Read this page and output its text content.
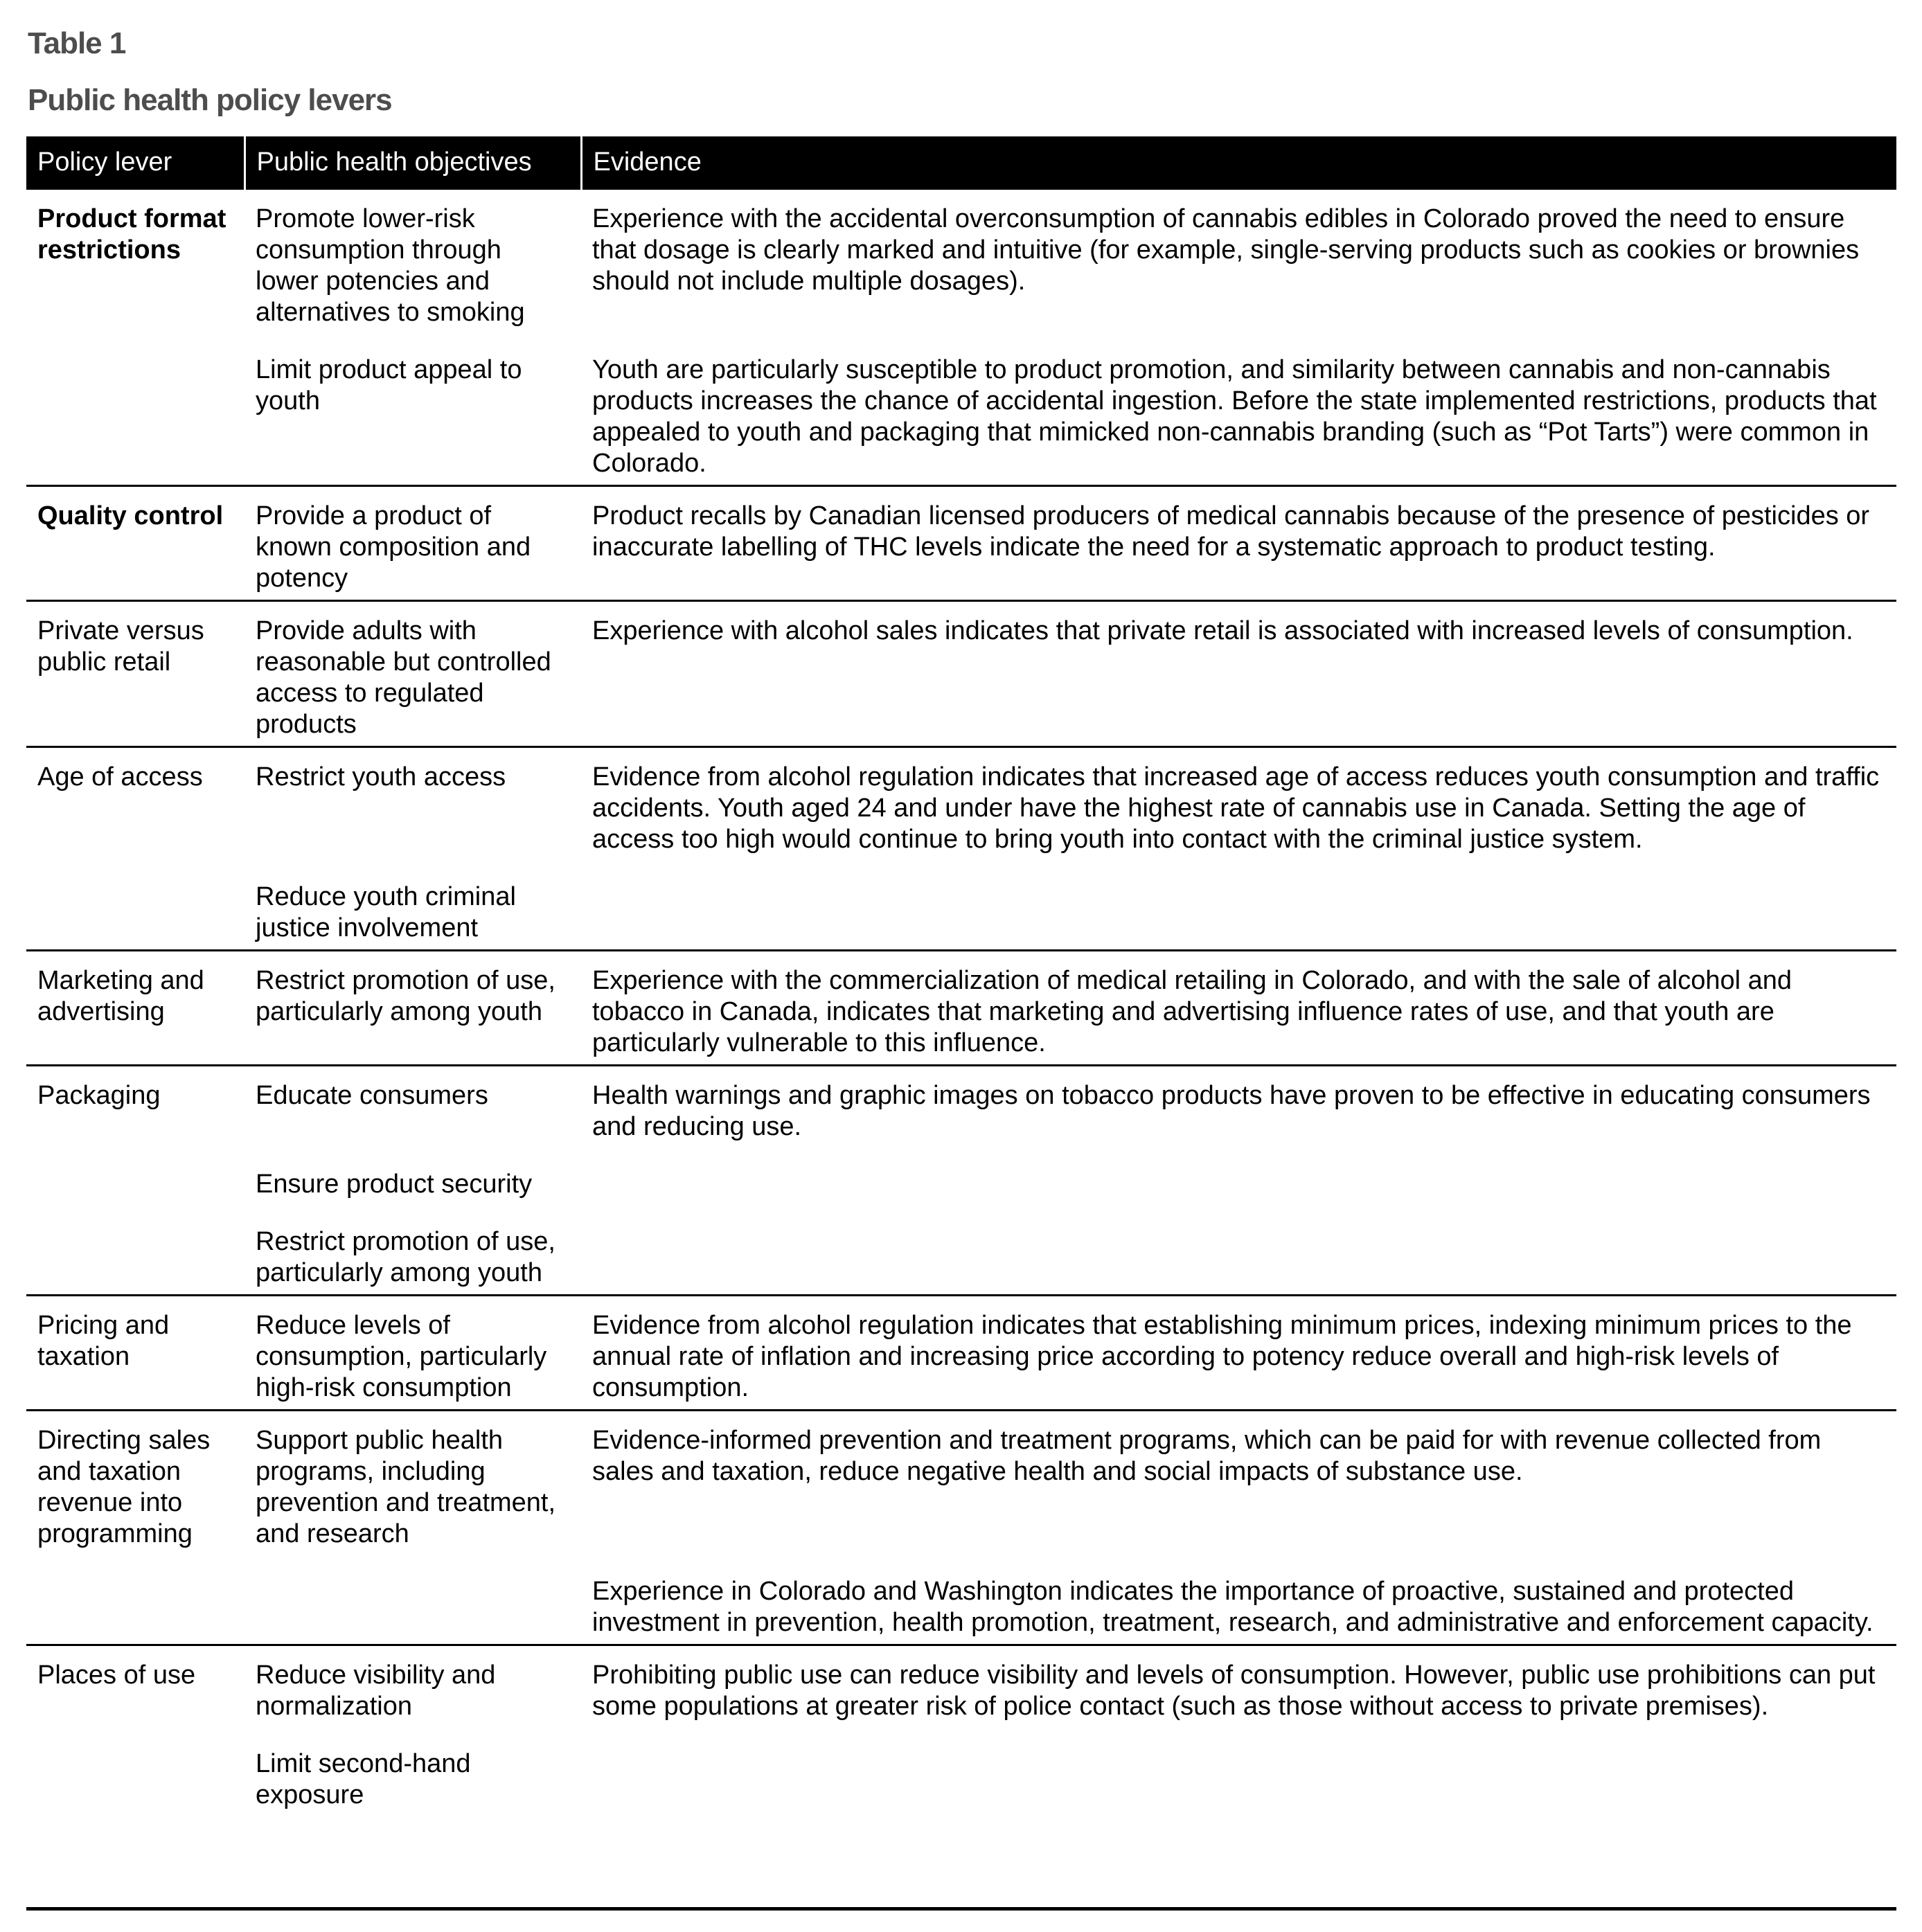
Table 1
Public health policy levers
Policy lever	Public health objectives	Evidence

Product format restrictions	Promote lower-risk consumption through lower potencies and alternatives to smoking	Experience with the accidental overconsumption of cannabis edibles in Colorado proved the need to ensure that dosage is clearly marked and intuitive (for example, single-serving products such as cookies or brownies should not include multiple dosages).

	Limit product appeal to youth	Youth are particularly susceptible to product promotion, and similarity between cannabis and non-cannabis products increases the chance of accidental ingestion. Before the state implemented restrictions, products that appealed to youth and packaging that mimicked non-cannabis branding (such as “Pot Tarts”) were common in Colorado.

Quality control	Provide a product of known composition and potency	Product recalls by Canadian licensed producers of medical cannabis because of the presence of pesticides or inaccurate labelling of THC levels indicate the need for a systematic approach to product testing.

Private versus public retail	Provide adults with reasonable but controlled access to regulated products	Experience with alcohol sales indicates that private retail is associated with increased levels of consumption.

Age of access	Restrict youth access	Evidence from alcohol regulation indicates that increased age of access reduces youth consumption and traffic accidents. Youth aged 24 and under have the highest rate of cannabis use in Canada. Setting the age of access too high would continue to bring youth into contact with the criminal justice system.

	Reduce youth criminal justice involvement	

Marketing and advertising	Restrict promotion of use, particularly among youth	Experience with the commercialization of medical retailing in Colorado, and with the sale of alcohol and tobacco in Canada, indicates that marketing and advertising influence rates of use, and that youth are particularly vulnerable to this influence.

Packaging	Educate consumers	Health warnings and graphic images on tobacco products have proven to be effective in educating consumers and reducing use.

	Ensure product security	

	Restrict promotion of use, particularly among youth	

Pricing and taxation	Reduce levels of consumption, particularly high-risk consumption	Evidence from alcohol regulation indicates that establishing minimum prices, indexing minimum prices to the annual rate of inflation and increasing price according to potency reduce overall and high-risk levels of consumption.

Directing sales and taxation revenue into programming	Support public health programs, including prevention and treatment, and research	Evidence-informed prevention and treatment programs, which can be paid for with revenue collected from sales and taxation, reduce negative health and social impacts of substance use.

		Experience in Colorado and Washington indicates the importance of proactive, sustained and protected investment in prevention, health promotion, treatment, research, and administrative and enforcement capacity.

Places of use	Reduce visibility and normalization	Prohibiting public use can reduce visibility and levels of consumption. However, public use prohibitions can put some populations at greater risk of police contact (such as those without access to private premises).

	Limit second-hand exposure	
